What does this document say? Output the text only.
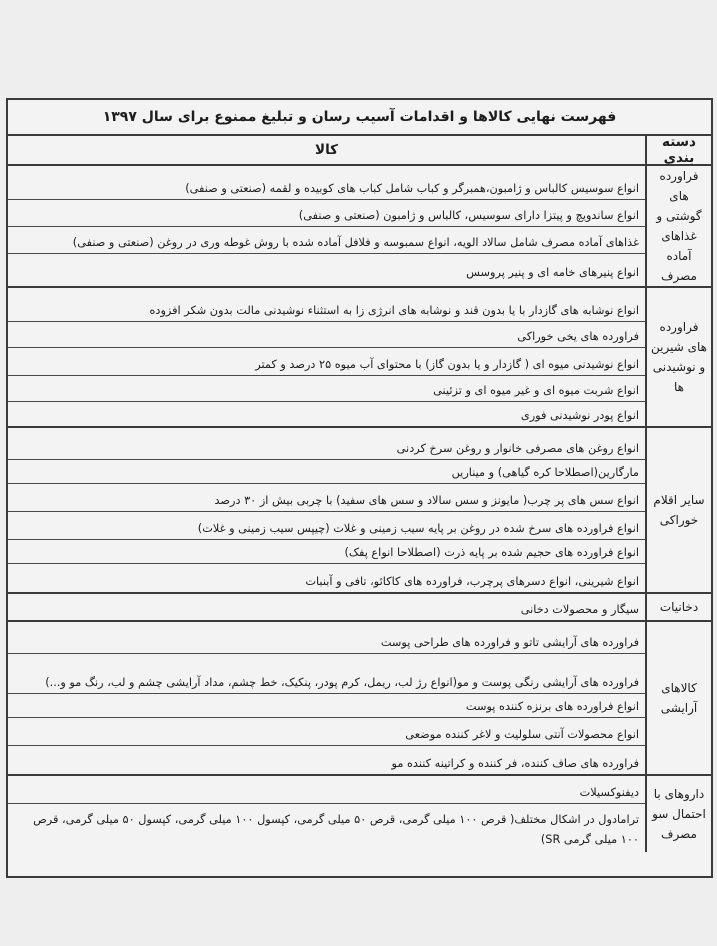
فهرست نهایی کالاها و اقدامات آسیب رسان و تبلیغ ممنوع برای سال ۱۳۹۷
دسته بندی
کالا
فراورده های گوشتی و غذاهای آماده مصرف
انواع سوسیس کالباس و ژامبون،همبرگر و کباب شامل کباب های کوبیده و لقمه (صنعتی و صنفی)
انواع ساندویچ و پیتزا دارای سوسیس، کالباس و ژامبون (صنعتی و صنفی)
غذاهای آماده مصرف شامل سالاد الویه، انواع سمبوسه و فلافل آماده شده با روش غوطه وری در روغن (صنعتی و صنفی)
انواع پنیرهای خامه ای و پنیر پروسس
فراورده های شیرین و نوشیدنی ها
انواع نوشابه های گازدار با یا بدون قند و نوشابه های انرژی زا به استثناء نوشیدنی مالت بدون شکر افزوده
فراورده های یخی خوراکی
انواع نوشیدنی میوه ای ( گازدار و یا بدون گاز) با محتوای آب میوه ۲۵ درصد و کمتر
انواع شربت میوه ای و غیر میوه ای و تزئینی
انواع پودر نوشیدنی فوری
سایر اقلام خوراکی
انواع روغن های مصرفی خانوار و روغن سرخ کردنی
مارگارین(اصطلاحا کره گیاهی) و میناریں
انواع سس های پر چرب( مایونز و سس سالاد و سس های سفید) با چربی بیش از ۳۰ درصد
انواع فراورده های سرخ شده در روغن بر پایه سیب زمینی و غلات (چیپس سیب زمینی و غلات)
انواع فراورده های حجیم شده بر پایه ذرت (اصطلاحا انواع پفک)
انواع شیرینی، انواع دسرهای پرچرب، فراورده های کاکائو، تافی و آبنبات
دخانیات
سیگار و محصولات دخانی
کالاهای آرایشی
فراورده های آرایشی تاتو و فراورده های طراحی پوست
فراورده های آرایشی رنگی پوست و مو(انواع رژ لب، ریمل، کرم پودر، پنکیک، خط چشم، مداد آرایشی چشم و لب، رنگ مو و...)
انواع فراورده های برنزه کننده پوست
انواع محصولات آنتی سلولیت و لاغر کننده موضعی
فراورده های صاف کننده، فر کننده و کراتینه کننده مو
داروهای با احتمال سو مصرف
دیفنوکسیلات
ترامادول در اشکال مختلف( قرص ۱۰۰ میلی گرمی، قرص ۵۰ میلی گرمی، کپسول ۱۰۰ میلی گرمی، کپسول ۵۰ میلی گرمی، قرص ۱۰۰ میلی گرمی SR)
